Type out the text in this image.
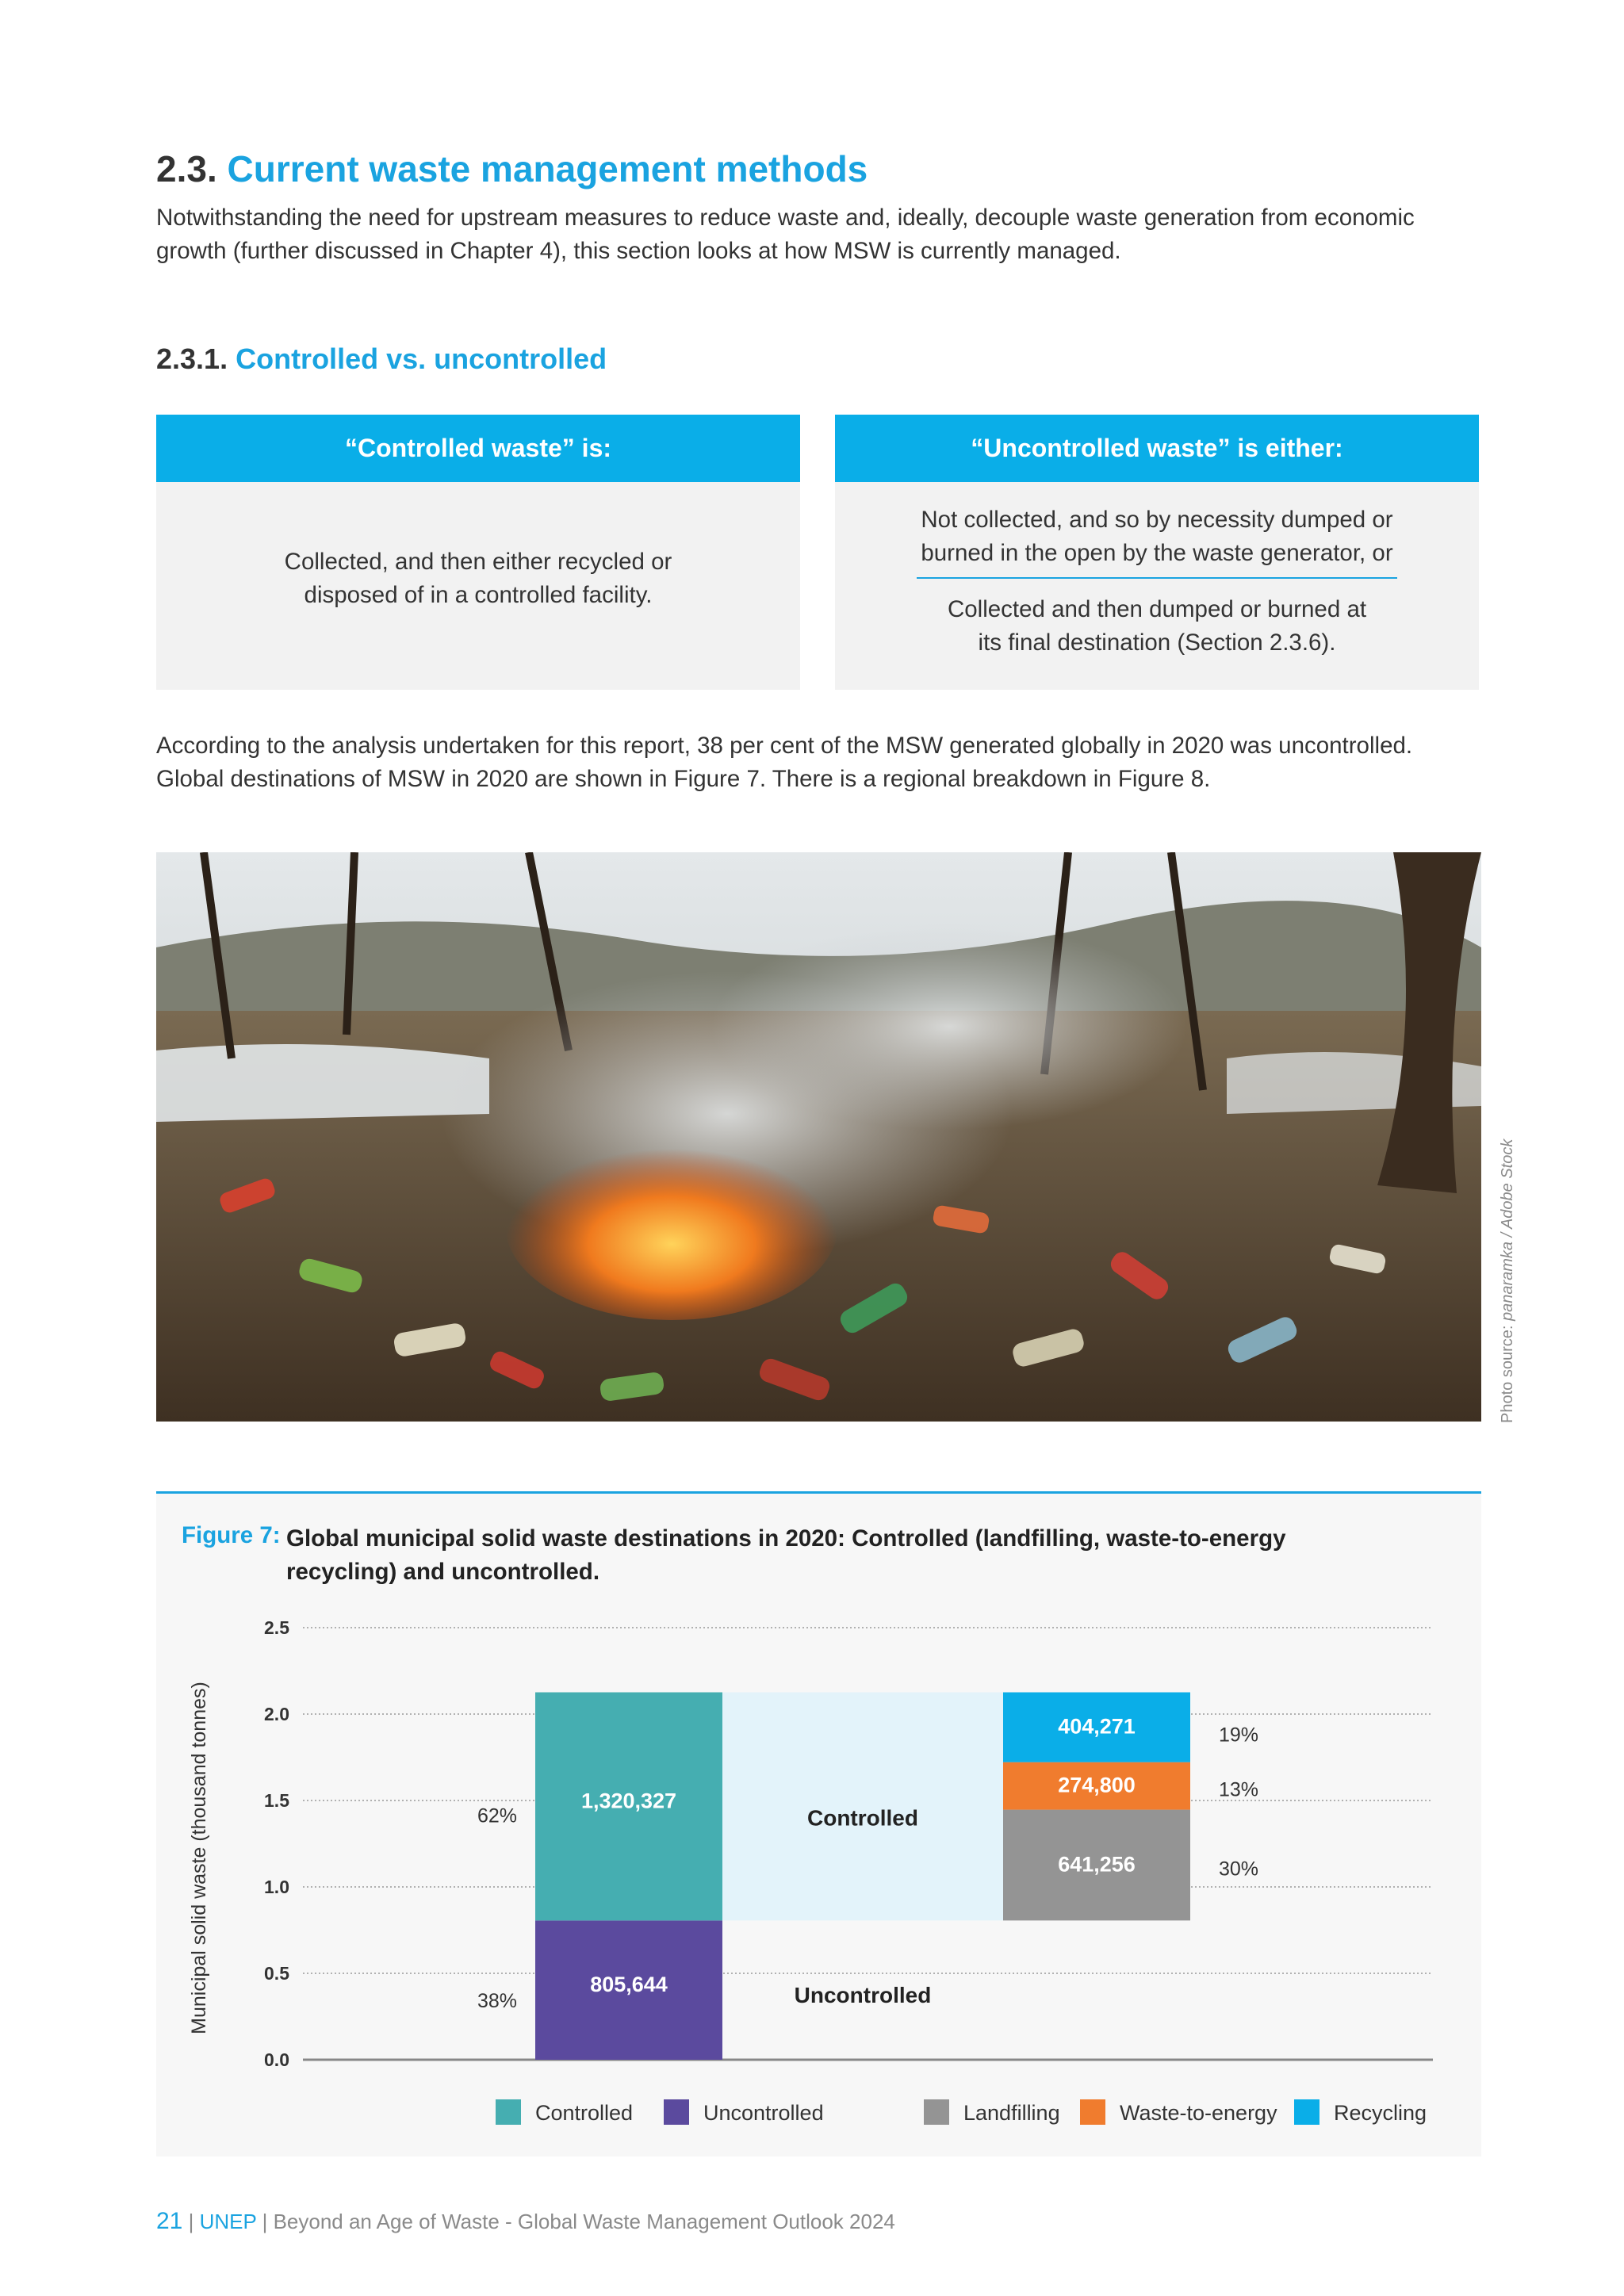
2.3. Current waste management methods
Notwithstanding the need for upstream measures to reduce waste and, ideally, decouple waste generation from economic growth (further discussed in Chapter 4), this section looks at how MSW is currently managed.
2.3.1. Controlled vs. uncontrolled
“Controlled waste” is:
Collected, and then either recycled or disposed of in a controlled facility.
“Uncontrolled waste” is either:
Not collected, and so by necessity dumped or burned in the open by the waste generator, or
Collected and then dumped or burned at its final destination (Section 2.3.6).
According to the analysis undertaken for this report, 38 per cent of the MSW generated globally in 2020 was uncontrolled. Global destinations of MSW in 2020 are shown in Figure 7. There is a regional breakdown in Figure 8.
Photo source: panaramka / Adobe Stock
Figure 7: Global municipal solid waste destinations in 2020: Controlled (landfilling, waste-to-energy recycling) and uncontrolled.
0.0
0.5
1.0
1.5
2.0
2.5
Municipal solid waste (thousand tonnes)	805,644
1,320,327
38%
62%	Controlled
Uncontrolled
641,256	30%
274,800	13%
404,271	19%
Controlled	Uncontrolled	Landfilling	Waste-to-energy	Recycling
21 | UNEP | Beyond an Age of Waste - Global Waste Management Outlook 2024
